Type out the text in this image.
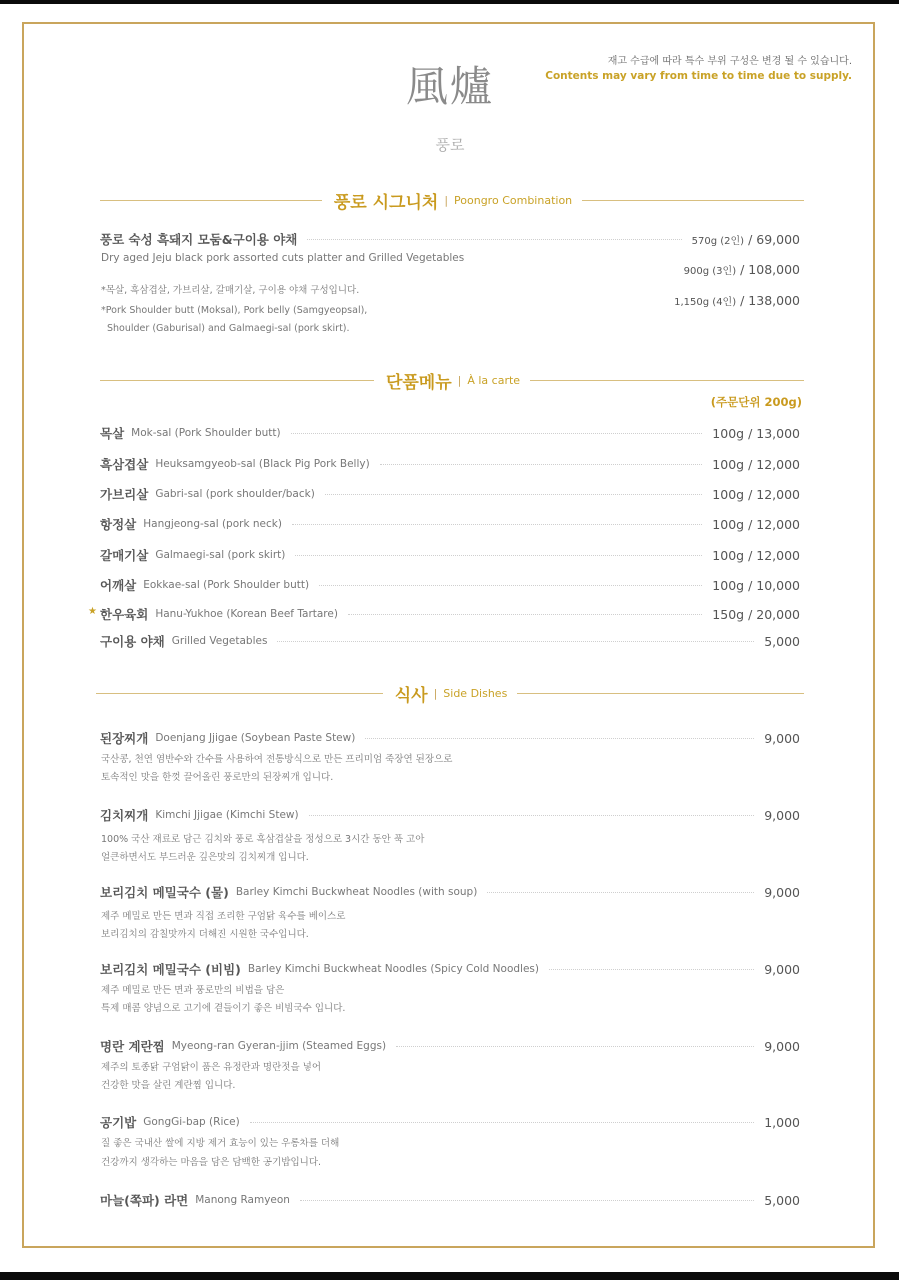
재고 수급에 따라 특수 부위 구성은 변경 될 수 있습니다.
Contents may vary from time to time due to supply.
風爐
풍로
풍로 시그니처 | Poongro Combination
풍로 숙성 흑돼지 모둠&구이용 야채	570g (2인) / 69,000
Dry aged Jeju black pork assorted cuts platter and Grilled Vegetables
900g (3인) / 108,000
1,150g (4인) / 138,000
*목살, 흑삼겹살, 가브리살, 갈매기살, 구이용 야채 구성입니다.
*Pork Shoulder butt (Moksal), Pork belly (Samgyeopsal),
Shoulder (Gaburisal) and Galmaegi-sal (pork skirt).
단품메뉴 | À la carte
(주문단위 200g)
목살 Mok-sal (Pork Shoulder butt)	100g / 13,000
흑삼겹살 Heuksamgyeob-sal (Black Pig Pork Belly)	100g / 12,000
가브리살 Gabri-sal (pork shoulder/back)	100g / 12,000
항정살 Hangjeong-sal (pork neck)	100g / 12,000
갈매기살 Galmaegi-sal (pork skirt)	100g / 12,000
어깨살 Eokkae-sal (Pork Shoulder butt)	100g / 10,000
★ 한우육회 Hanu-Yukhoe (Korean Beef Tartare)	150g / 20,000
구이용 야채 Grilled Vegetables	5,000
식사 | Side Dishes
된장찌개 Doenjang Jjigae (Soybean Paste Stew)	9,000
국산콩, 천연 염반수와 간수를 사용하여 전통방식으로 만든 프리미엄 죽장연 된장으로
토속적인 맛을 한껏 끌어올린 풍로만의 된장찌개 입니다.
김치찌개 Kimchi Jjigae (Kimchi Stew)	9,000
100% 국산 재료로 담근 김치와 풍로 흑삼겹살을 정성으로 3시간 동안 푹 고아
얼큰하면서도 부드러운 깊은맛의 김치찌개 입니다.
보리김치 메밀국수 (물) Barley Kimchi Buckwheat Noodles (with soup)	9,000
제주 메밀로 만든 면과 직접 조리한 구엄닭 육수를 베이스로
보리김치의 감칠맛까지 더해진 시원한 국수입니다.
보리김치 메밀국수 (비빔) Barley Kimchi Buckwheat Noodles (Spicy Cold Noodles)	9,000
제주 메밀로 만든 면과 풍로만의 비법을 담은
특제 매콤 양념으로 고기에 곁들이기 좋은 비빔국수 입니다.
명란 계란찜 Myeong-ran Gyeran-jjim (Steamed Eggs)	9,000
제주의 토종닭 구엄닭이 품은 유정란과 명란젓을 넣어
건강한 맛을 살린 계란찜 입니다.
공기밥 GongGi-bap (Rice)	1,000
질 좋은 국내산 쌀에 지방 제거 효능이 있는 우롱차를 더해
건강까지 생각하는 마음을 담은 담백한 공기밥입니다.
마늘(쪽파) 라면 Manong Ramyeon	5,000
